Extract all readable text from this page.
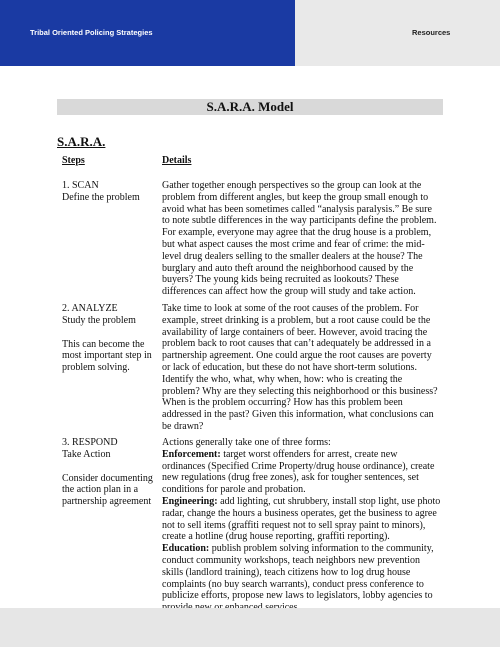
Tribal Oriented Policing Strategies	Resources
S.A.R.A. Model
S.A.R.A.
Steps	Details
1. SCAN
Define the problem
Gather together enough perspectives so the group can look at the
problem from different angles, but keep the group small enough to
avoid what has been sometimes called “analysis paralysis.” Be sure
to note subtle differences in the way participants define the problem.
For example, everyone may agree that the drug house is a problem,
but what aspect causes the most crime and fear of crime: the mid-
level drug dealers selling to the smaller dealers at the house? The
burglary and auto theft around the neighborhood caused by the
buyers? The young kids being recruited as lookouts? These
differences can affect how the group will study and take action.
2. ANALYZE
Study the problem
This can become the
most important step in
problem solving.
Take time to look at some of the root causes of the problem. For
example, street drinking is a problem, but a root cause could be the
availability of large containers of beer. However, avoid tracing the
problem back to root causes that can’t adequately be addressed in a
partnership agreement. One could argue the root causes are poverty
or lack of education, but these do not have short-term solutions.
Identify the who, what, why when, how: who is creating the
problem? Why are they selecting this neighborhood or this business?
When is the problem occurring? How has this problem been
addressed in the past? Given this information, what conclusions can
be drawn?
3. RESPOND
Take Action
Consider documenting
the action plan in a
partnership agreement
Actions generally take one of three forms:
Enforcement: target worst offenders for arrest, create new
ordinances (Specified Crime Property/drug house ordinance), create
new regulations (drug free zones), ask for tougher sentences, set
conditions for parole and probation.
Engineering: add lighting, cut shrubbery, install stop light, use photo
radar, change the hours a business operates, get the business to agree
not to sell items (graffiti request not to sell spray paint to minors),
create a hotline (drug house reporting, graffiti reporting).
Education: publish problem solving information to the community,
conduct community workshops, teach neighbors new prevention
skills (landlord training), teach citizens how to log drug house
complaints (no buy search warrants), conduct press conference to
publicize efforts, propose new laws to legislators, lobby agencies to
